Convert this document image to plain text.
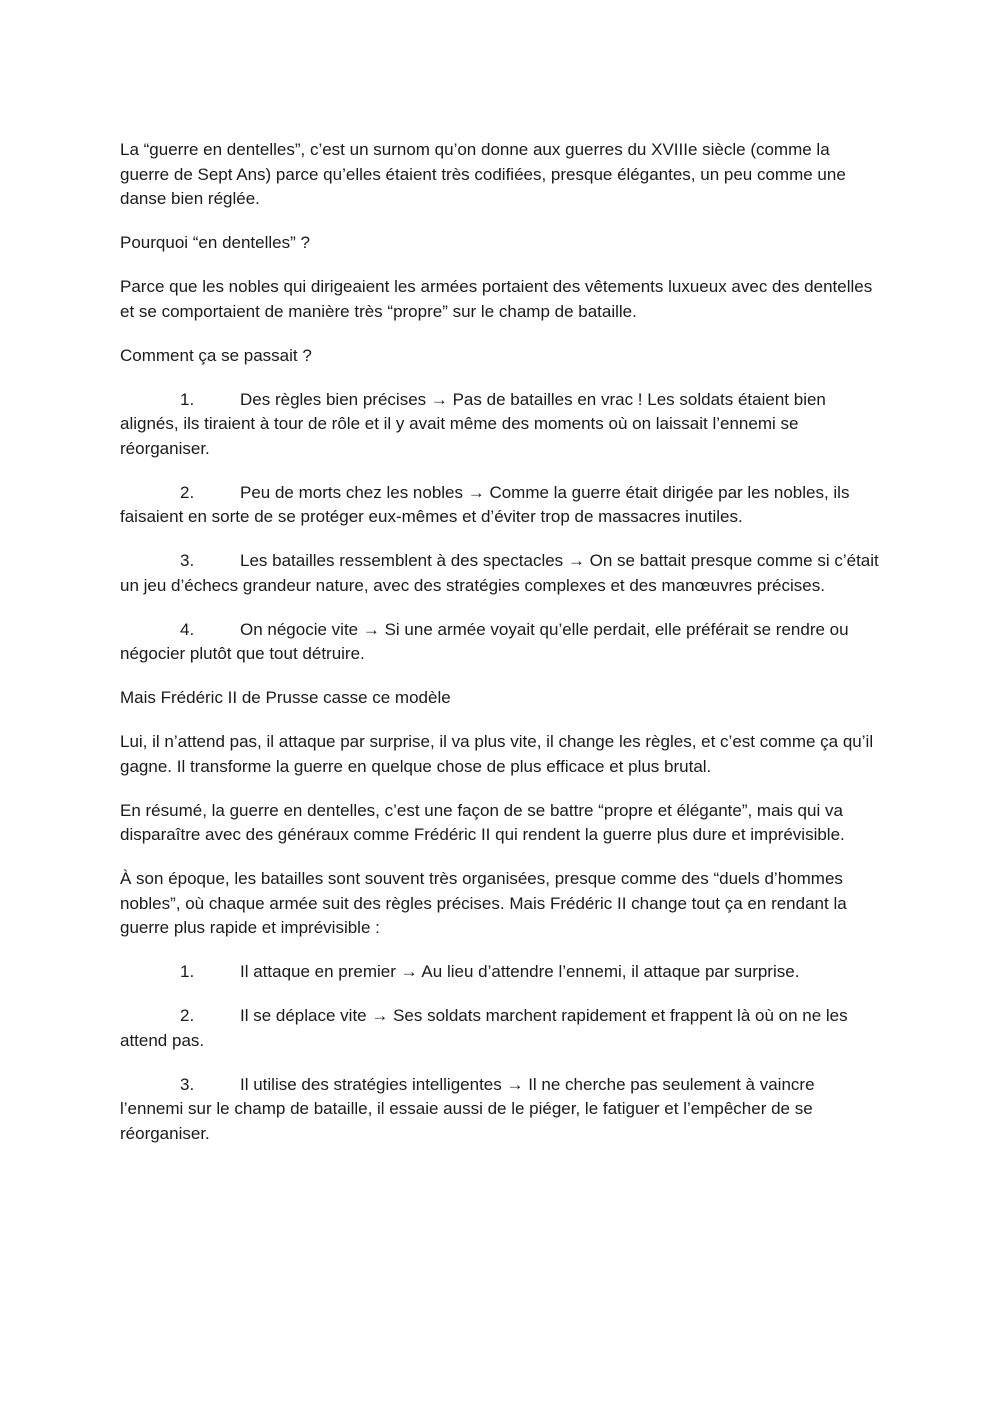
La “guerre en dentelles”, c’est un surnom qu’on donne aux guerres du XVIIIe siècle (comme la guerre de Sept Ans) parce qu’elles étaient très codifiées, presque élégantes, un peu comme une danse bien réglée.

Pourquoi “en dentelles” ?

Parce que les nobles qui dirigeaient les armées portaient des vêtements luxueux avec des dentelles et se comportaient de manière très “propre” sur le champ de bataille.

Comment ça se passait ?

1.	Des règles bien précises → Pas de batailles en vrac ! Les soldats étaient bien alignés, ils tiraient à tour de rôle et il y avait même des moments où on laissait l’ennemi se réorganiser.

2.	Peu de morts chez les nobles → Comme la guerre était dirigée par les nobles, ils faisaient en sorte de se protéger eux-mêmes et d’éviter trop de massacres inutiles.

3.	Les batailles ressemblent à des spectacles → On se battait presque comme si c’était un jeu d’échecs grandeur nature, avec des stratégies complexes et des manœuvres précises.

4.	On négocie vite → Si une armée voyait qu’elle perdait, elle préférait se rendre ou négocier plutôt que tout détruire.

Mais Frédéric II de Prusse casse ce modèle

Lui, il n’attend pas, il attaque par surprise, il va plus vite, il change les règles, et c’est comme ça qu’il gagne. Il transforme la guerre en quelque chose de plus efficace et plus brutal.

En résumé, la guerre en dentelles, c’est une façon de se battre “propre et élégante”, mais qui va disparaître avec des généraux comme Frédéric II qui rendent la guerre plus dure et imprévisible.

À son époque, les batailles sont souvent très organisées, presque comme des “duels d’hommes nobles”, où chaque armée suit des règles précises. Mais Frédéric II change tout ça en rendant la guerre plus rapide et imprévisible :

1.	Il attaque en premier → Au lieu d’attendre l’ennemi, il attaque par surprise.

2.	Il se déplace vite → Ses soldats marchent rapidement et frappent là où on ne les attend pas.

3.	Il utilise des stratégies intelligentes → Il ne cherche pas seulement à vaincre l’ennemi sur le champ de bataille, il essaie aussi de le piéger, le fatiguer et l’empêcher de se réorganiser.
